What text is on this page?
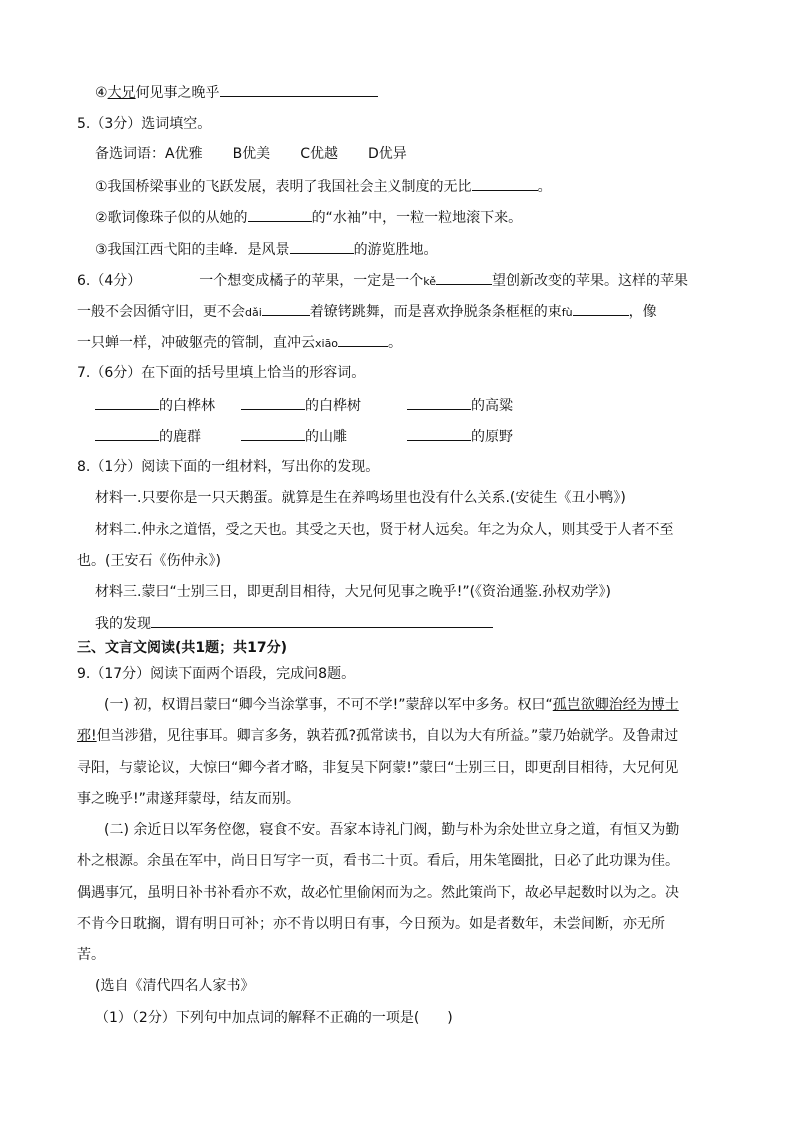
④大兄何见事之晚乎
5.（3分）选词填空。
备选词语：A优雅 B优美 C优越 D优异
①我国桥梁事业的飞跃发展，表明了我国社会主义制度的无比	。
②歌词像珠子似的从她的	的“水袖”中，一粒一粒地滚下来。
③我国江西弋阳的圭峰．是风景	的游览胜地。
6.（4分）	一个想变成橘子的苹果，一定是一个kě	望创新改变的苹果。这样的苹果
一般不会因循守旧，更不会dǎi	着镣铐跳舞，而是喜欢挣脱条条框框的束fù	，像
一只蝉一样，冲破躯壳的管制，直冲云xiāo	。
7.（6分）在下面的括号里填上恰当的形容词。
的白桦林	的白桦树	的高粱
的鹿群	的山雕	的原野
8.（1分）阅读下面的一组材料，写出你的发现。
材料一.只要你是一只天鹅蛋。就算是生在养鸣场里也没有什么关系.(安徒生《丑小鸭》)
材料二.仲永之道悟，受之天也。其受之天也，贤于材人远矣。年之为众人，则其受于人者不至
也。(王安石《伤仲永》)
材料三.蒙曰“士别三日，即更刮目相待，大兄何见事之晚乎!”(《资治通鉴.孙权劝学》)
我的发现
三、文言文阅读(共1题；共17分)
9.（17分）阅读下面两个语段，完成问8题。
(一) 初，权谓吕蒙曰“卿今当涂掌事，不可不学!”蒙辞以军中多务。权曰“孤岂欲卿治经为博士
邪!但当涉猎，见往事耳。卿言多务，孰若孤?孤常读书，自以为大有所益。”蒙乃始就学。及鲁肃过
寻阳，与蒙论议，大惊曰“卿今者才略，非复吴下阿蒙!”蒙曰“士别三日，即更刮目相待，大兄何见
事之晚乎!”肃遂拜蒙母，结友而别。
(二) 余近日以军务倥偬，寝食不安。吾家本诗礼门阀，勤与朴为余处世立身之道，有恒又为勤
朴之根源。余虽在军中，尚日日写字一页，看书二十页。看后，用朱笔圈批，日必了此功课为佳。
偶遇事冗，虽明日补书补看亦不欢，故必忙里偷闲而为之。然此策尚下，故必早起数时以为之。决
不肯今日耽搁，谓有明日可补；亦不肯以明日有事，今日预为。如是者数年，未尝间断，亦无所
苦。
(选自《清代四名人家书》
（1）（2分）下列句中加点词的解释不正确的一项是(　　)
